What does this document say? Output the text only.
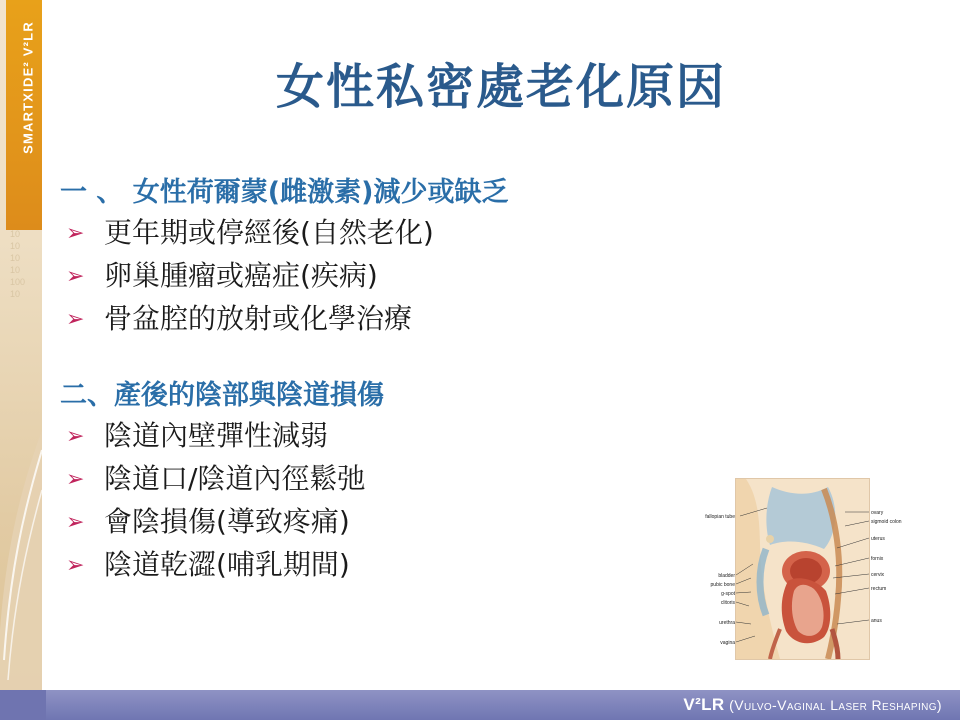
SMARTXIDE² V²LR
10
10
10
10
100
10
女性私密處老化原因
一 、 女性荷爾蒙(雌激素)減少或缺乏
➢ 更年期或停經後(自然老化)
➢ 卵巢腫瘤或癌症(疾病)
➢ 骨盆腔的放射或化學治療
二、產後的陰部與陰道損傷
➢ 陰道內壁彈性減弱
➢ 陰道口/陰道內徑鬆弛
➢ 會陰損傷(導致疼痛)
➢ 陰道乾澀(哺乳期間)
fallopian tube
bladder
pubic bone
g-spot
clitoris
urethra
vagina
ovary
sigmoid colon
uterus
cervix
fornix
rectum
anus
V²LR (Vulvo-Vaginal Laser Reshaping)
